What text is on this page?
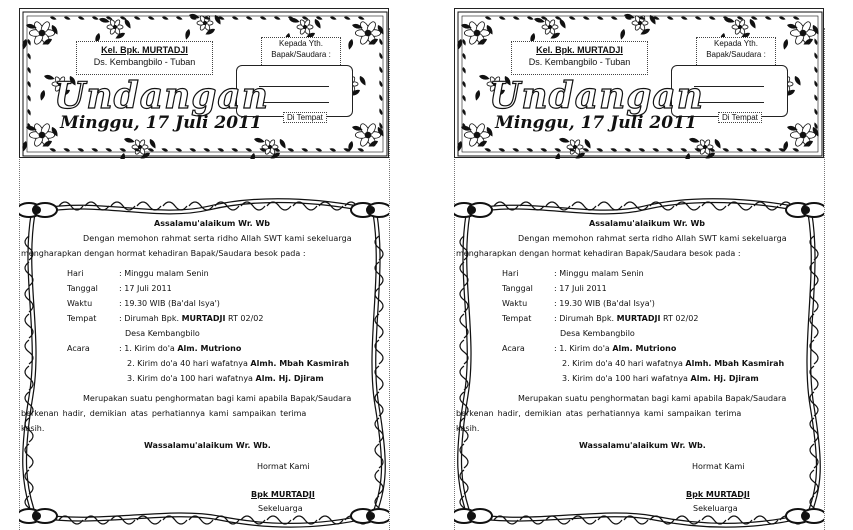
Kel. Bpk. MURTADJI
Ds. Kembangbilo - Tuban
Kepada Yth.
Bapak/Saudara :
Di Tempat
Undangan
Minggu, 17 Juli 2011
Assalamu'alaikum Wr. Wb
Dengan memohon rahmat serta ridho Allah SWT kami sekeluarga
mengharapkan dengan hormat kehadiran Bapak/Saudara besok pada :
Hari	: Minggu malam Senin
Tanggal	: 17 Juli 2011
Waktu	: 19.30 WIB (Ba'dal Isya')
Tempat	: Dirumah Bpk. MURTADJI RT 02/02
Desa Kembangbilo
Acara	: 1. Kirim do'a Alm. Mutriono
2. Kirim do'a 40 hari wafatnya Almh. Mbah Kasmirah
3. Kirim do'a 100 hari wafatnya Alm. Hj. Djiram
Merupakan suatu penghormatan bagi kami apabila Bapak/Saudara
berkenan hadir, demikian atas perhatiannya kami sampaikan terima
kasih.
Wassalamu'alaikum Wr. Wb.
Hormat Kami
Bpk MURTADJI
Sekeluarga
Kel. Bpk. MURTADJI
Ds. Kembangbilo - Tuban
Kepada Yth.
Bapak/Saudara :
Di Tempat
Undangan
Minggu, 17 Juli 2011
Assalamu'alaikum Wr. Wb
Dengan memohon rahmat serta ridho Allah SWT kami sekeluarga
mengharapkan dengan hormat kehadiran Bapak/Saudara besok pada :
Hari	: Minggu malam Senin
Tanggal	: 17 Juli 2011
Waktu	: 19.30 WIB (Ba'dal Isya')
Tempat	: Dirumah Bpk. MURTADJI RT 02/02
Desa Kembangbilo
Acara	: 1. Kirim do'a Alm. Mutriono
2. Kirim do'a 40 hari wafatnya Almh. Mbah Kasmirah
3. Kirim do'a 100 hari wafatnya Alm. Hj. Djiram
Merupakan suatu penghormatan bagi kami apabila Bapak/Saudara
berkenan hadir, demikian atas perhatiannya kami sampaikan terima
kasih.
Wassalamu'alaikum Wr. Wb.
Hormat Kami
Bpk MURTADJI
Sekeluarga
